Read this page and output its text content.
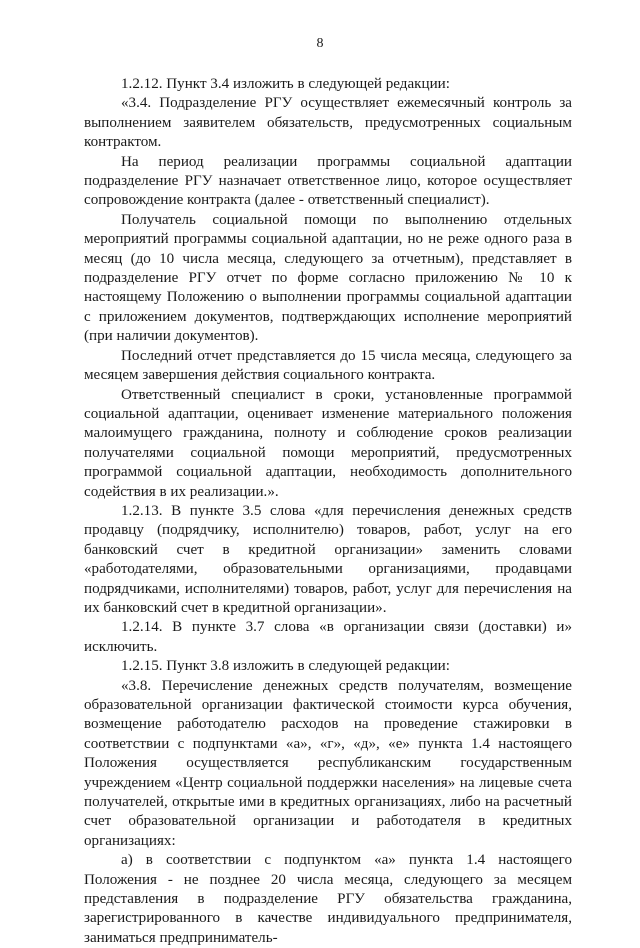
8

1.2.12. Пункт 3.4 изложить в следующей редакции:

«3.4. Подразделение РГУ осуществляет ежемесячный контроль за выполнением заявителем обязательств, предусмотренных социальным контрактом.

На период реализации программы социальной адаптации подразделение РГУ назначает ответственное лицо, которое осуществляет сопровождение контракта (далее - ответственный специалист).

Получатель социальной помощи по выполнению отдельных мероприятий программы социальной адаптации, но не реже одного раза в месяц (до 10 числа месяца, следующего за отчетным), представляет в подразделение РГУ отчет по форме согласно приложению № 10 к настоящему Положению о выполнении программы социальной адаптации с приложением документов, подтверждающих исполнение мероприятий (при наличии документов).

Последний отчет представляется до 15 числа месяца, следующего за месяцем завершения действия социального контракта.

Ответственный специалист в сроки, установленные программой социальной адаптации, оценивает изменение материального положения малоимущего гражданина, полноту и соблюдение сроков реализации получателями социальной помощи мероприятий, предусмотренных программой социальной адаптации, необходимость дополнительного содействия в их реализации.».

1.2.13. В пункте 3.5 слова «для перечисления денежных средств продавцу (подрядчику, исполнителю) товаров, работ, услуг на его банковский счет в кредитной организации» заменить словами «работодателями, образовательными организациями, продавцами подрядчиками, исполнителями) товаров, работ, услуг для перечисления на их банковский счет в кредитной организации».

1.2.14. В пункте 3.7 слова «в организации связи (доставки) и» исключить.

1.2.15. Пункт 3.8 изложить в следующей редакции:

«3.8. Перечисление денежных средств получателям, возмещение образовательной организации фактической стоимости курса обучения, возмещение работодателю расходов на проведение стажировки в соответствии с подпунктами «а», «г», «д», «е» пункта 1.4 настоящего Положения осуществляется республиканским государственным учреждением «Центр социальной поддержки населения» на лицевые счета получателей, открытые ими в кредитных организациях, либо на расчетный счет образовательной организации и работодателя в кредитных организациях:

а) в соответствии с подпунктом «а» пункта 1.4 настоящего Положения - не позднее 20 числа месяца, следующего за месяцем представления в подразделение РГУ обязательства гражданина, зарегистрированного в качестве индивидуального предпринимателя, заниматься предприниматель-
